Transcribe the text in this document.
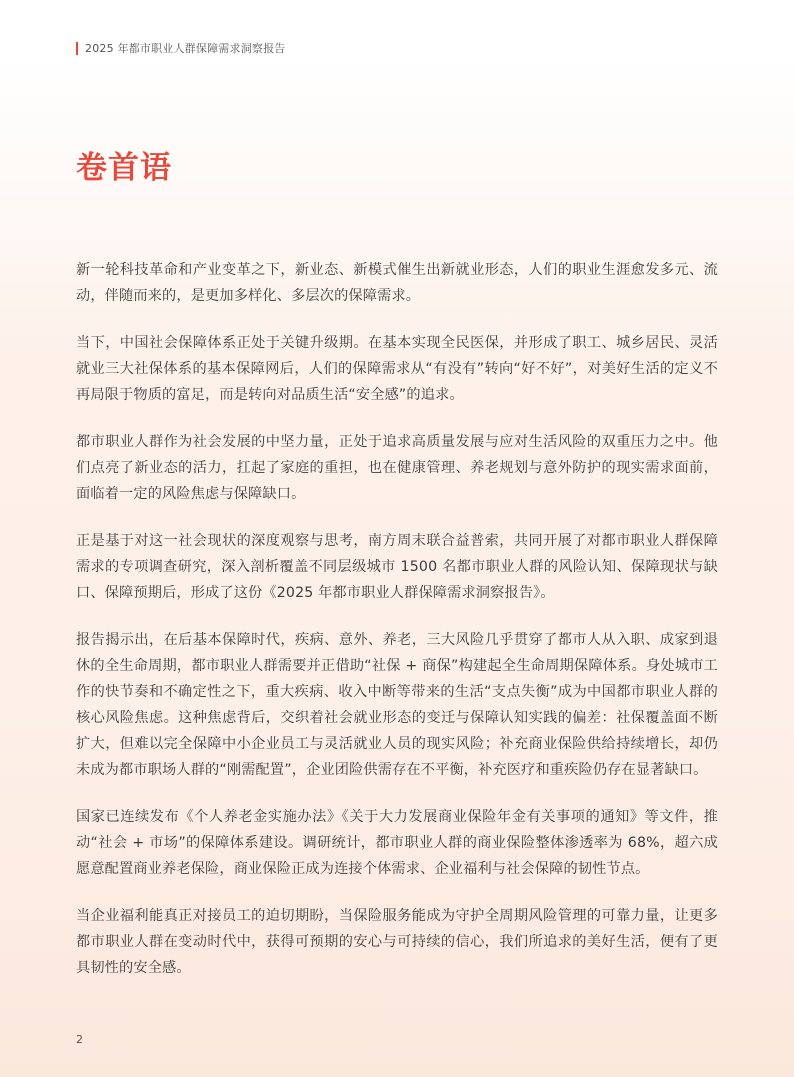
2025 年都市职业人群保障需求洞察报告
卷首语

新一轮科技革命和产业变革之下，新业态、新模式催生出新就业形态，人们的职业生涯愈发多元、流动，伴随而来的，是更加多样化、多层次的保障需求。

当下，中国社会保障体系正处于关键升级期。在基本实现全民医保，并形成了职工、城乡居民、灵活就业三大社保体系的基本保障网后，人们的保障需求从“有没有”转向“好不好”，对美好生活的定义不再局限于物质的富足，而是转向对品质生活“安全感”的追求。

都市职业人群作为社会发展的中坚力量，正处于追求高质量发展与应对生活风险的双重压力之中。他们点亮了新业态的活力，扛起了家庭的重担，也在健康管理、养老规划与意外防护的现实需求面前，面临着一定的风险焦虑与保障缺口。

正是基于对这一社会现状的深度观察与思考，南方周末联合益普索，共同开展了对都市职业人群保障需求的专项调查研究，深入剖析覆盖不同层级城市 1500 名都市职业人群的风险认知、保障现状与缺口、保障预期后，形成了这份《2025 年都市职业人群保障需求洞察报告》。

报告揭示出，在后基本保障时代，疾病、意外、养老，三大风险几乎贯穿了都市人从入职、成家到退休的全生命周期，都市职业人群需要并正借助“社保 + 商保”构建起全生命周期保障体系。身处城市工作的快节奏和不确定性之下，重大疾病、收入中断等带来的生活“支点失衡”成为中国都市职业人群的核心风险焦虑。这种焦虑背后，交织着社会就业形态的变迁与保障认知实践的偏差：社保覆盖面不断扩大，但难以完全保障中小企业员工与灵活就业人员的现实风险；补充商业保险供给持续增长，却仍未成为都市职场人群的“刚需配置”，企业团险供需存在不平衡，补充医疗和重疾险仍存在显著缺口。

国家已连续发布《个人养老金实施办法》《关于大力发展商业保险年金有关事项的通知》等文件，推动“社会 + 市场”的保障体系建设。调研统计，都市职业人群的商业保险整体渗透率为 68%，超六成愿意配置商业养老保险，商业保险正成为连接个体需求、企业福利与社会保障的韧性节点。

当企业福利能真正对接员工的迫切期盼，当保险服务能成为守护全周期风险管理的可靠力量，让更多都市职业人群在变动时代中，获得可预期的安心与可持续的信心，我们所追求的美好生活，便有了更具韧性的安全感。

2
